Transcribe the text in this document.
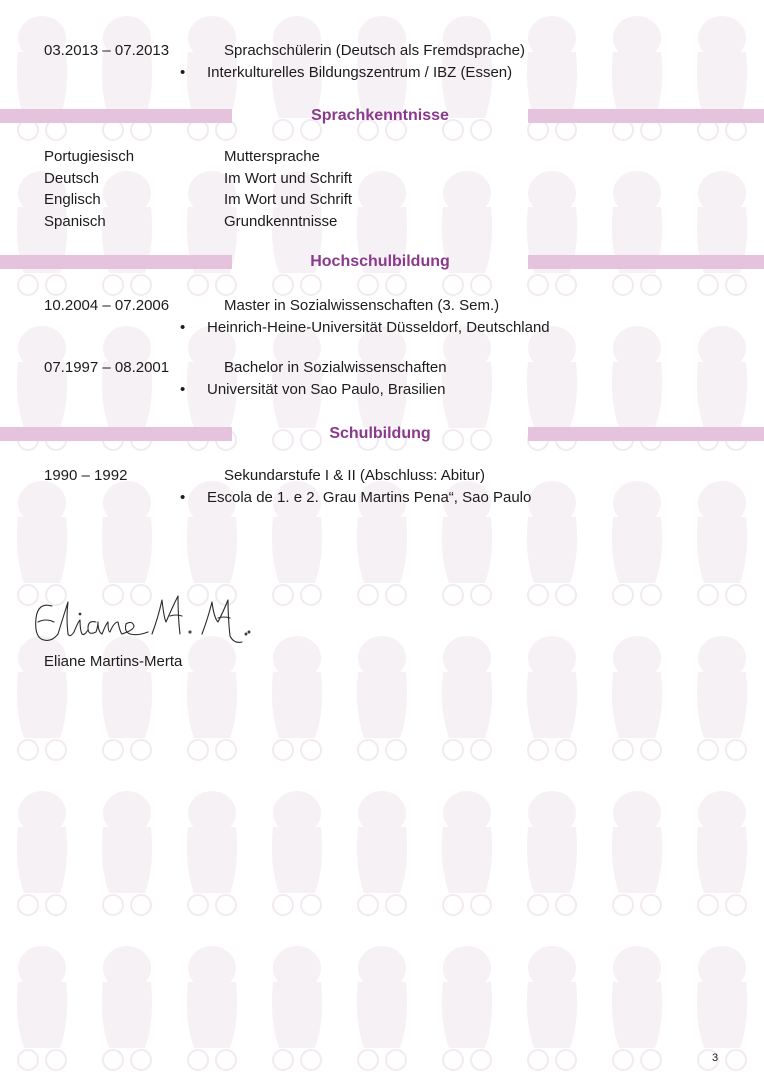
03.2013 – 07.2013	Sprachschülerin (Deutsch als Fremdsprache)
• Interkulturelles Bildungszentrum / IBZ (Essen)
Sprachkenntnisse
Portugiesisch	Muttersprache
Deutsch	Im Wort und Schrift
Englisch	Im Wort und Schrift
Spanisch	Grundkenntnisse
Hochschulbildung
10.2004 – 07.2006	Master in Sozialwissenschaften (3. Sem.)
• Heinrich-Heine-Universität Düsseldorf, Deutschland
07.1997 – 08.2001	Bachelor in Sozialwissenschaften
• Universität von Sao Paulo, Brasilien
Schulbildung
1990 – 1992	Sekundarstufe I & II (Abschluss: Abitur)
• Escola de 1. e 2. Grau Martins Pena“, Sao Paulo
Eliane Martins-Merta
3
